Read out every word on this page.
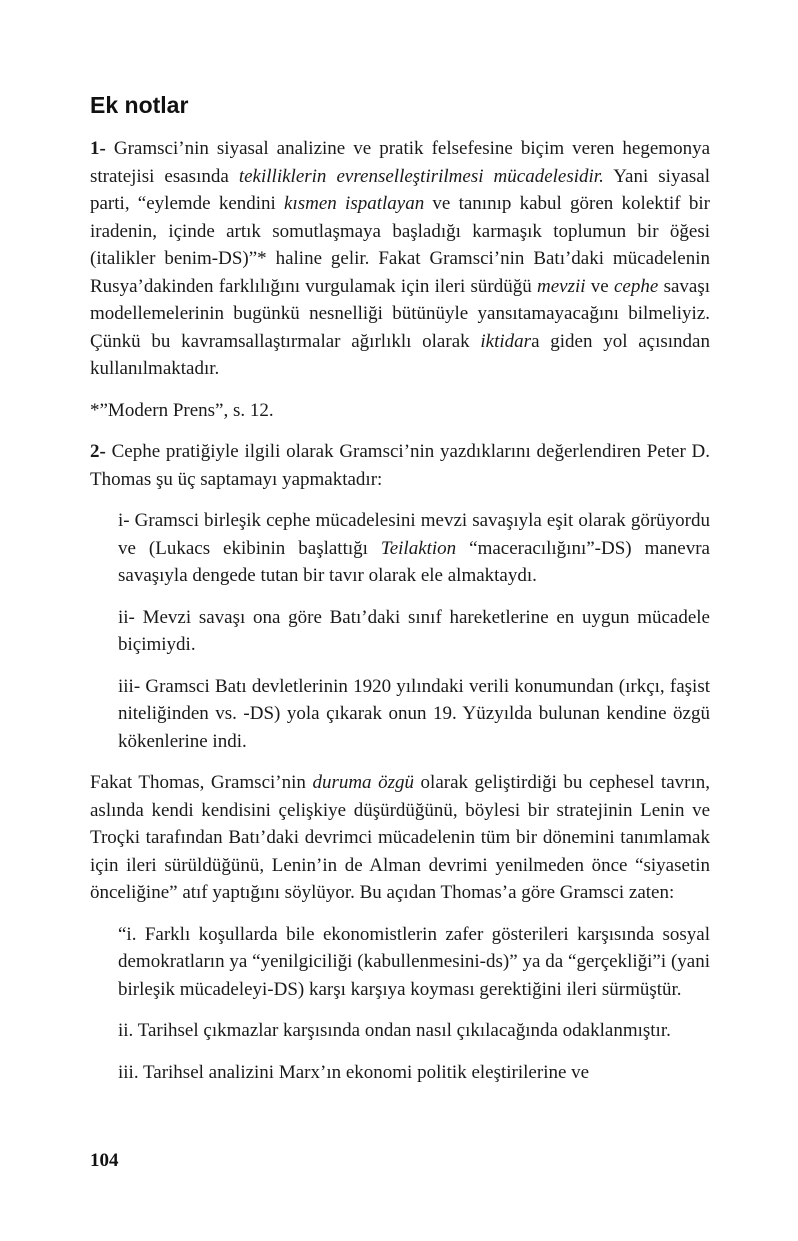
Ek notlar

1- Gramsci’nin siyasal analizine ve pratik felsefesine biçim veren hegemonya stratejisi esasında tekilliklerin evrenselleştirilmesi mücadelesidir. Yani siyasal parti, “eylemde kendini kısmen ispatlayan ve tanınıp kabul gören kolektif bir iradenin, içinde artık somutlaşmaya başladığı karmaşık toplumun bir öğesi (italikler benim-DS)”* haline gelir. Fakat Gramsci’nin Batı’daki mücadelenin Rusya’dakinden farklılığını vurgulamak için ileri sürdüğü mevzii ve cephe savaşı modellemelerinin bugünkü nesnelliği bütünüyle yansıtamayacağını bilmeliyiz. Çünkü bu kavramsallaştırmalar ağırlıklı olarak iktidara giden yol açısından kullanılmaktadır.

*”Modern Prens”, s. 12.

2- Cephe pratiğiyle ilgili olarak Gramsci’nin yazdıklarını değerlendiren Peter D. Thomas şu üç saptamayı yapmaktadır:

i- Gramsci birleşik cephe mücadelesini mevzi savaşıyla eşit olarak görüyordu ve (Lukacs ekibinin başlattığı Teilaktion “maceracılığını”-DS) manevra savaşıyla dengede tutan bir tavır olarak ele almaktaydı.

ii- Mevzi savaşı ona göre Batı’daki sınıf hareketlerine en uygun mücadele biçimiydi.

iii- Gramsci Batı devletlerinin 1920 yılındaki verili konumundan (ırkçı, faşist niteliğinden vs. -DS) yola çıkarak onun 19. Yüzyılda bulunan kendine özgü kökenlerine indi.

Fakat Thomas, Gramsci’nin duruma özgü olarak geliştirdiği bu cephesel tavrın, aslında kendi kendisini çelişkiye düşürdüğünü, böylesi bir stratejinin Lenin ve Troçki tarafından Batı’daki devrimci mücadelenin tüm bir dönemini tanımlamak için ileri sürüldüğünü, Lenin’in de Alman devrimi yenilmeden önce “siyasetin önceliğine” atıf yaptığını söylüyor. Bu açıdan Thomas’a göre Gramsci zaten:

“i. Farklı koşullarda bile ekonomistlerin zafer gösterileri karşısında sosyal demokratların ya “yenilgiciliği (kabullenmesini-ds)” ya da “gerçekliği”i (yani birleşik mücadeleyi-DS) karşı karşıya koyması gerektiğini ileri sürmüştür.

ii. Tarihsel çıkmazlar karşısında ondan nasıl çıkılacağında odaklanmıştır.

iii. Tarihsel analizini Marx’ın ekonomi politik eleştirilerine ve

104
